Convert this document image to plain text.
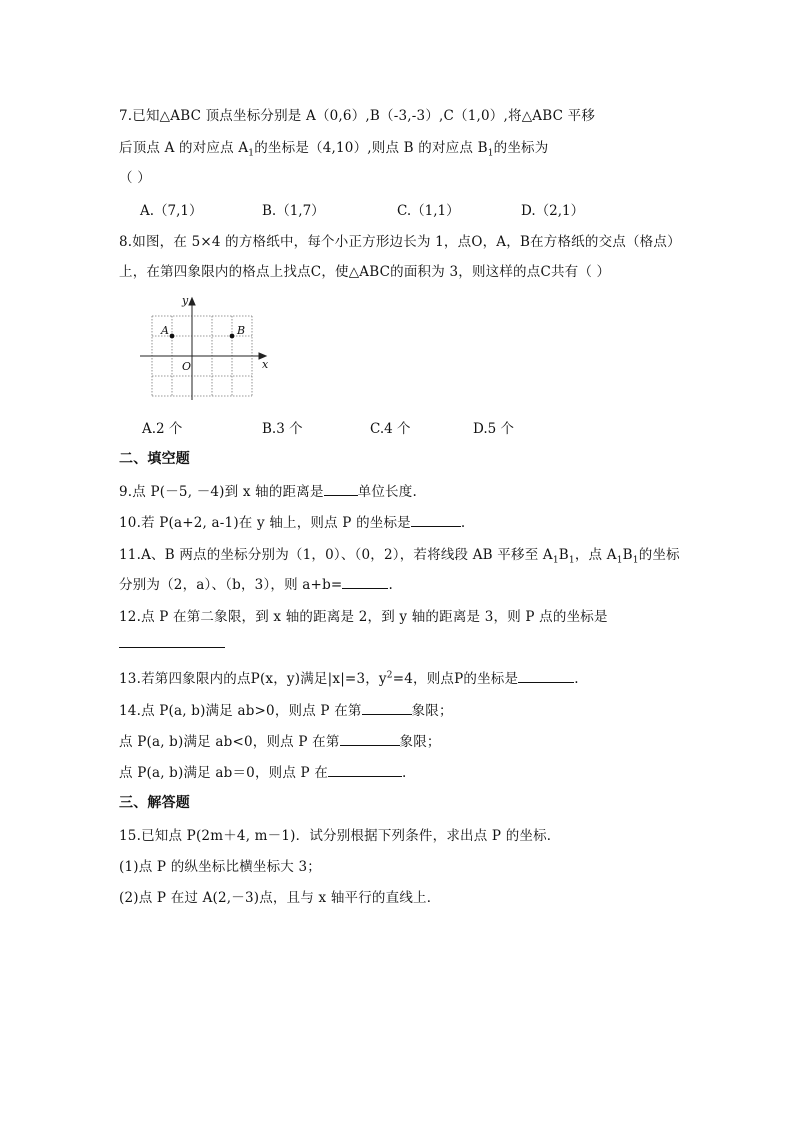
7.已知△ABC 顶点坐标分别是 A（0,6）,B（-3,-3）,C（1,0）,将△ABC 平移
后顶点 A 的对应点 $A_1$的坐标是（4,10）,则点 B 的对应点 $B_1$的坐标为
（ ）
A.（7,1）	B.（1,7）	C.（1,1）	D.（2,1）
8.如图，在 5×4 的方格纸中，每个小正方形边长为 1，点O，A，B在方格纸的交点（格点）
上，在第四象限内的格点上找点C，使△ABC的面积为 3，则这样的点C共有（ ）
y
x
O
A	B
A.2 个	B.3 个	C.4 个	D.5 个
二、填空题
9.点 P(－5, －4)到 x 轴的距离是	单位长度.
10.若 P(a+2, a-1)在 y 轴上，则点 P 的坐标是	.
11.A、B 两点的坐标分别为（1，0）、（0，2），若将线段 AB 平移至 $A_1B_1$，点 $A_1B_1$的坐标
分别为（2，a）、（b，3），则 a+b=	.
12.点 P 在第二象限，到 x 轴的距离是 2，到 y 轴的距离是 3，则 P 点的坐标是
13.若第四象限内的点P(x，y)满足|x|=3，$y^2=4$，则点P的坐标是	.
14.点 P(a, b)满足 ab>0，则点 P 在第	象限；
点 P(a, b)满足 ab<0，则点 P 在第	象限；
点 P(a, b)满足 ab＝0，则点 P 在	.
三、解答题
15.已知点 P(2m＋4, m－1)．试分别根据下列条件，求出点 P 的坐标．
(1)点 P 的纵坐标比横坐标大 3；
(2)点 P 在过 A(2,－3)点，且与 x 轴平行的直线上．
